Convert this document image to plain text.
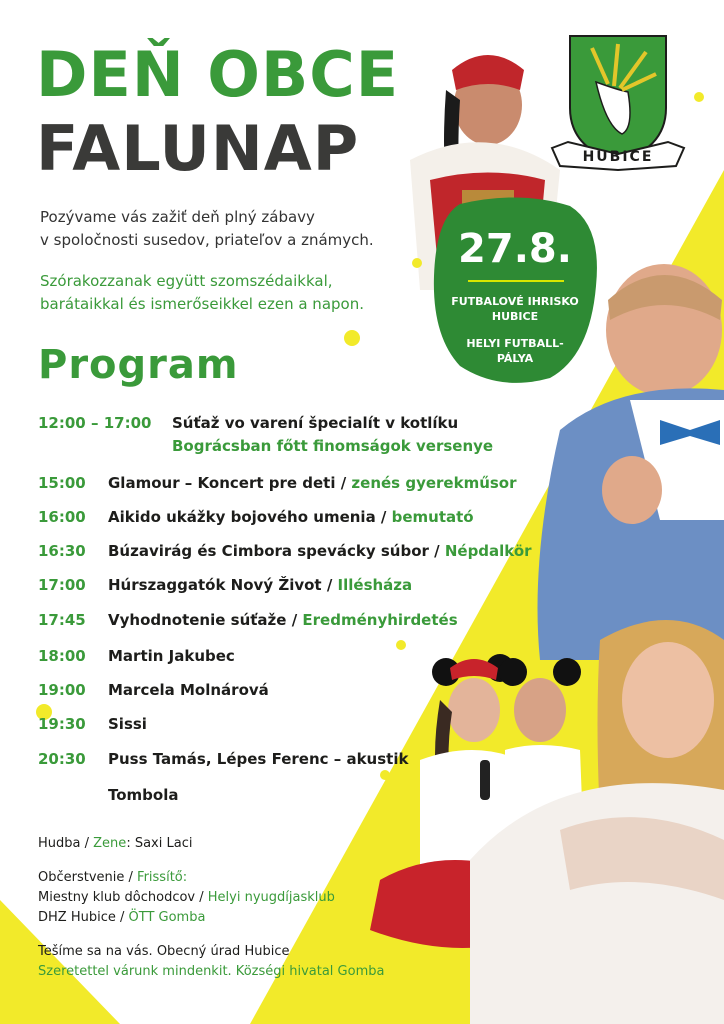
DEŇ OBCE
FALUNAP	HUBICE
Pozývame vás zažiť deň plný zábavy
v spoločnosti susedov, priateľov a známych.
Szórakozzanak együtt szomszédaikkal,
barátaikkal és ismerőseikkel ezen a napon.
27.8.
FUTBALOVÉ IHRISKO
HUBICE
HELYI FUTBALL-
PÁLYA
Program
12:00 – 17:00 Súťaž vo varení špecialít v kotlíku
Bográcsban főtt finomságok versenye
15:00 Glamour – Koncert pre deti / zenés gyerekműsor
16:00 Aikido ukážky bojového umenia / bemutató
16:30 Búzavirág és Cimbora spevácky súbor / Népdalkör
17:00 Húrszaggatók Nový Život / Illésháza
17:45 Vyhodnotenie súťaže / Eredményhirdetés
18:00 Martin Jakubec
19:00 Marcela Molnárová
19:30 Sissi
20:30 Puss Tamás, Lépes Ferenc – akustik
Tombola
Hudba / Zene: Saxi Laci
Občerstvenie / Frissítő:
Miestny klub dôchodcov / Helyi nyugdíjasklub
DHZ Hubice / ÖTT Gomba
Tešíme sa na vás. Obecný úrad Hubice
Szeretettel várunk mindenkit. Községi hivatal Gomba
